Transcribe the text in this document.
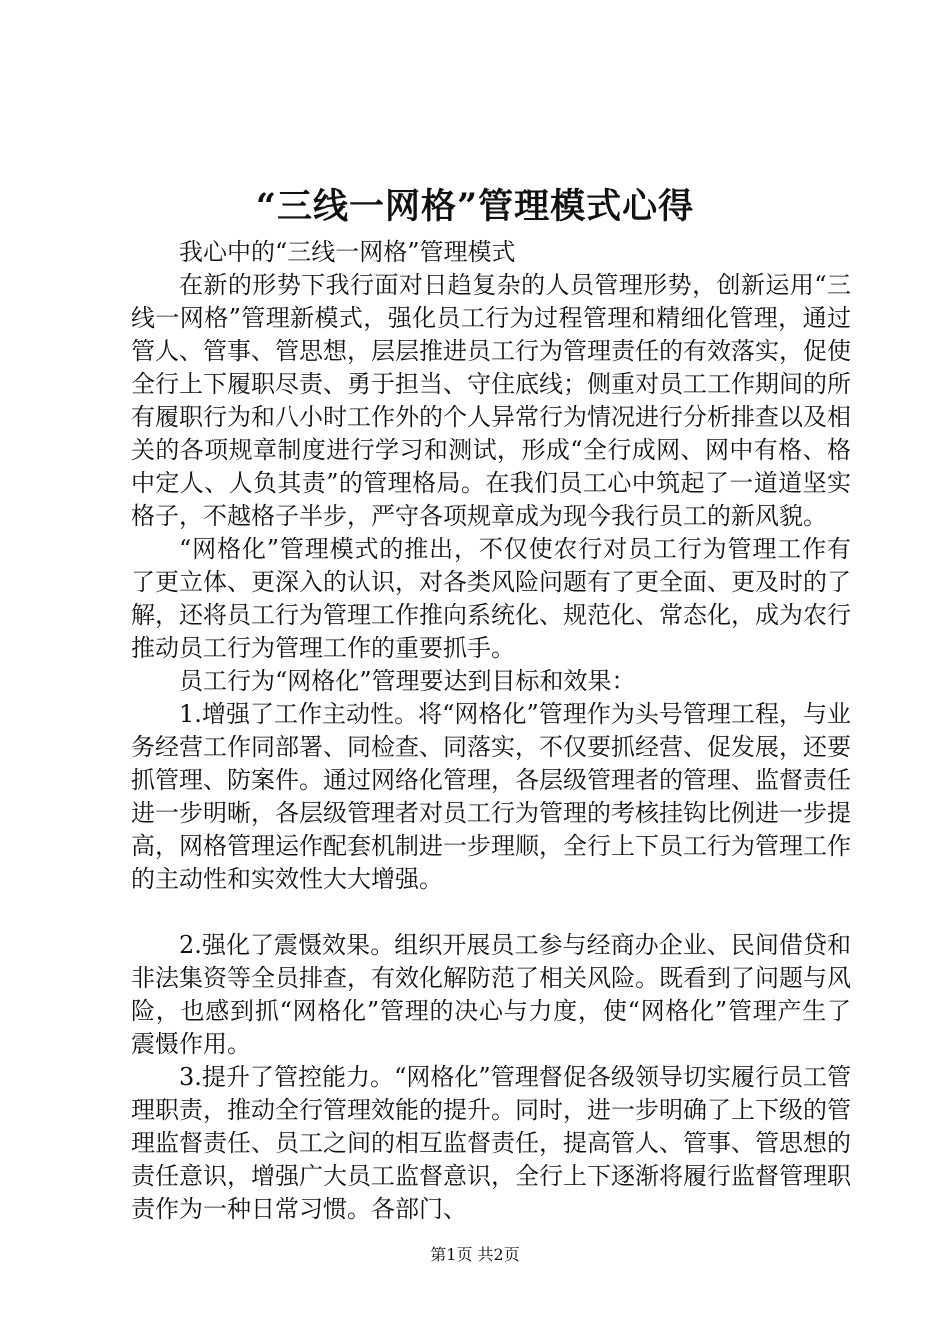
“三线一网格”管理模式心得

我心中的“三线一网格”管理模式

在新的形势下我行面对日趋复杂的人员管理形势，创新运用“三线一网格”管理新模式，强化员工行为过程管理和精细化管理，通过管人、管事、管思想，层层推进员工行为管理责任的有效落实，促使全行上下履职尽责、勇于担当、守住底线；侧重对员工工作期间的所有履职行为和八小时工作外的个人异常行为情况进行分析排查以及相关的各项规章制度进行学习和测试，形成“全行成网、网中有格、格中定人、人负其责”的管理格局。在我们员工心中筑起了一道道坚实格子，不越格子半步，严守各项规章成为现今我行员工的新风貌。

“网格化”管理模式的推出，不仅使农行对员工行为管理工作有了更立体、更深入的认识，对各类风险问题有了更全面、更及时的了解，还将员工行为管理工作推向系统化、规范化、常态化，成为农行推动员工行为管理工作的重要抓手。

员工行为“网格化”管理要达到目标和效果：

1.增强了工作主动性。将“网格化”管理作为头号管理工程，与业务经营工作同部署、同检查、同落实，不仅要抓经营、促发展，还要抓管理、防案件。通过网络化管理，各层级管理者的管理、监督责任进一步明晰，各层级管理者对员工行为管理的考核挂钩比例进一步提高，网格管理运作配套机制进一步理顺，全行上下员工行为管理工作的主动性和实效性大大增强。

2.强化了震慑效果。组织开展员工参与经商办企业、民间借贷和非法集资等全员排查，有效化解防范了相关风险。既看到了问题与风险，也感到抓“网格化”管理的决心与力度，使“网格化”管理产生了震慑作用。

3.提升了管控能力。“网格化”管理督促各级领导切实履行员工管理职责，推动全行管理效能的提升。同时，进一步明确了上下级的管理监督责任、员工之间的相互监督责任，提高管人、管事、管思想的责任意识，增强广大员工监督意识，全行上下逐渐将履行监督管理职责作为一种日常习惯。各部门、

第1页 共2页
